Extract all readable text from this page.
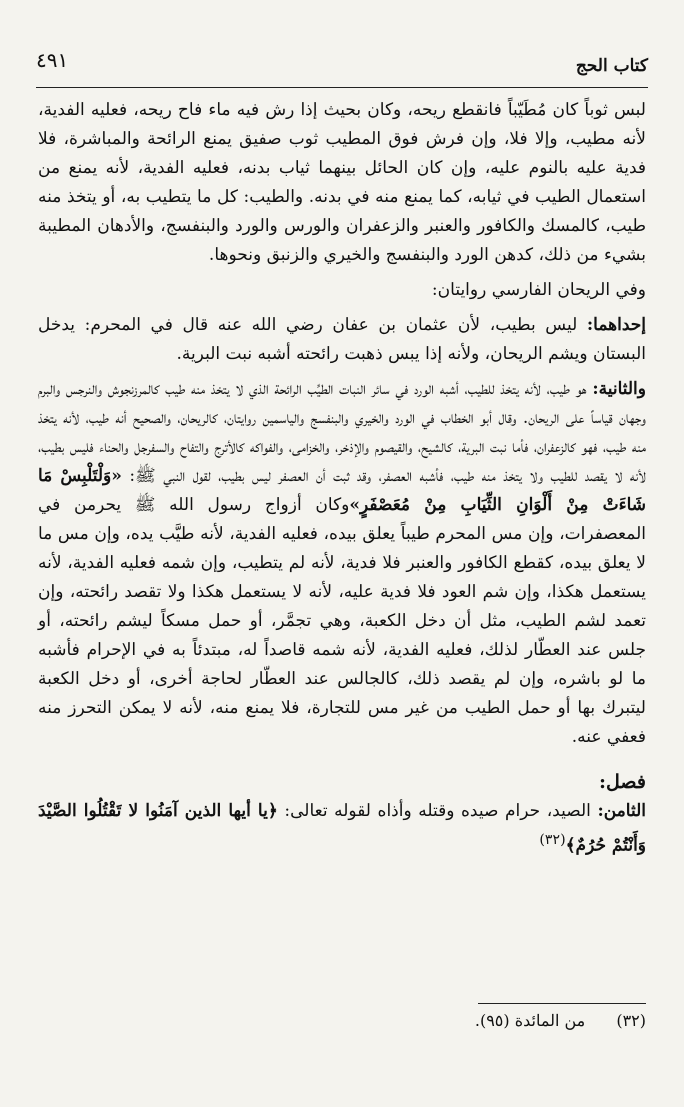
٤٩١	كتاب الحج

لبس ثوباً كان مُطَيّباً فانقطع ريحه، وكان بحيث إذا رش فيه ماء فاح ريحه، فعليه الفدية، لأنه مطيب، وإلا فلا، وإن فرش فوق المطيب ثوب صفيق يمنع الرائحة والمباشرة، فلا فدية عليه بالنوم عليه، وإن كان الحائل بينهما ثياب بدنه، فعليه الفدية، لأنه يمنع من استعمال الطيب في ثيابه، كما يمنع منه في بدنه. والطيب: كل ما يتطيب به، أو يتخذ منه طيب، كالمسك والكافور والعنبر والزعفران والورس والورد والبنفسج، والأدهان المطيبة بشيء من ذلك، كدهن الورد والبنفسج والخيري والزنبق ونحوها.

وفي الريحان الفارسي روايتان:

إحداهما: ليس بطيب، لأن عثمان بن عفان رضي الله عنه قال في المحرم: يدخل البستان ويشم الريحان، ولأنه إذا يبس ذهبت رائحته أشبه نبت البرية.

والثانية: هو طيب، لأنه يتخذ للطيب، أشبه الورد في سائر النبات الطيِّب الرائحة الذي لا يتخذ منه طيب كالمرزنجوش والنرجس والبرم وجهان قياساً على الريحان. وقال أبو الخطاب في الورد والخيري والبنفسج والياسمين روايتان، كالريحان، والصحيح أنه طيب، لأنه يتخذ منه طيب، فهو كالزعفران، فأما نبت البرية، كالشيح، والقيصوم والإذخر، والخزامى، والفواكه كالأترج والتفاح والسفرجل والحناء فليس بطيب، لأنه لا يقصد للطيب ولا يتخذ منه طيب، فأشبه العصفر، وقد ثبت أن العصفر ليس بطيب، لقول النبي ﷺ: «وَلْتَلْبِسْ مَا شَاءَتْ مِنْ أَلْوَانِ الثِّيَابِ مِنْ مُعَصْفَرٍ»وكان أزواج رسول الله ﷺ يحرمن في المعصفرات، وإن مس المحرم طيباً يعلق بيده، فعليه الفدية، لأنه طيَّب يده، وإن مس ما لا يعلق بيده، كقطع الكافور والعنبر فلا فدية، لأنه لم يتطيب، وإن شمه فعليه الفدية، لأنه يستعمل هكذا، وإن شم العود فلا فدية عليه، لأنه لا يستعمل هكذا ولا تقصد رائحته، وإن تعمد لشم الطيب، مثل أن دخل الكعبة، وهي تجمَّر، أو حمل مسكاً ليشم رائحته، أو جلس عند العطّار لذلك، فعليه الفدية، لأنه شمه قاصداً له، مبتدئاً به في الإحرام فأشبه ما لو باشره، وإن لم يقصد ذلك، كالجالس عند العطّار لحاجة أخرى، أو دخل الكعبة ليتبرك بها أو حمل الطيب من غير مس للتجارة، فلا يمنع منه، لأنه لا يمكن التحرز منه فعفي عنه.

فصل:

الثامن: الصيد، حرام صيده وقتله وأذاه لقوله تعالى: ﴿يا أيها الذين آمَنُوا لا تَقْتُلُوا الصَّيْدَ وَأَنْتُمْ حُرُمٌ﴾$^{(٣٢)}$

(٣٢) من المائدة (٩٥).
